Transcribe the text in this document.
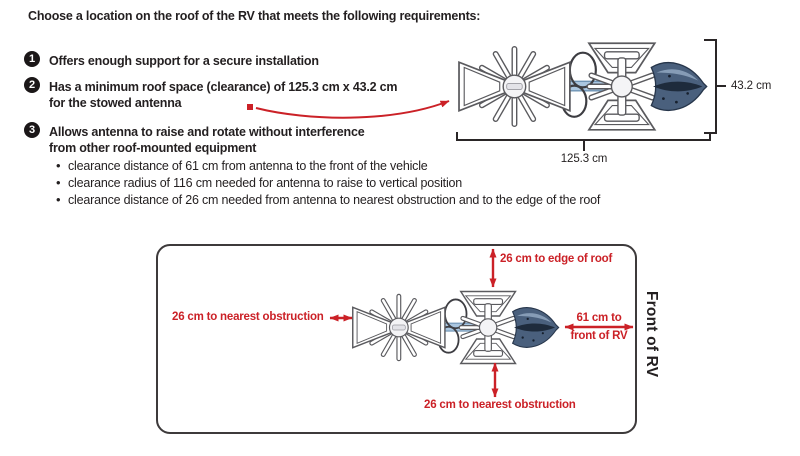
Choose a location on the roof of the RV that meets the following requirements:
1	Offers enough support for a secure installation
2	Has a minimum roof space (clearance) of 125.3 cm x 43.2 cm
for the stowed antenna
3	Allows antenna to raise and rotate without interference
from other roof-mounted equipment
• clearance distance of 61 cm from antenna to the front of the vehicle
• clearance radius of 116 cm needed for antenna to raise to vertical position
• clearance distance of 26 cm needed from antenna to nearest obstruction and to the edge of the roof
43.2 cm
125.3 cm
26 cm to edge of roof
26 cm to nearest obstruction	61 cm to
front of RV
26 cm to nearest obstruction
Front of RV
